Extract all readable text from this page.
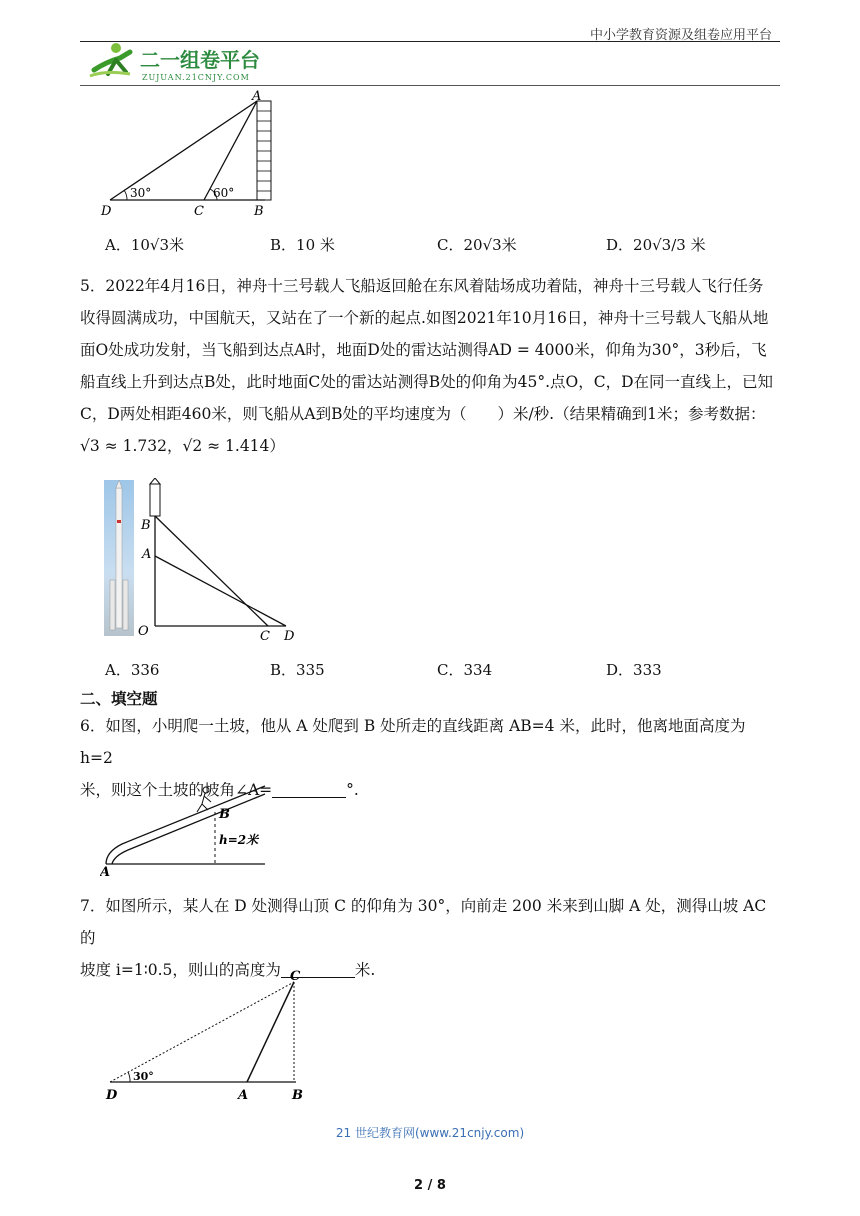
中小学教育资源及组卷应用平台
二一组卷平台
ZUJUAN.21CNJY.COM
A
B
C
D
30°	60°
A．10√3米	B．10 米	C．20√3米	D．20√3/3 米
5．2022年4月16日，神舟十三号载人飞船返回舱在东风着陆场成功着陆，神舟十三号载人飞行任务
收得圆满成功，中国航天，又站在了一个新的起点.如图2021年10月16日，神舟十三号载人飞船从地
面O处成功发射，当飞船到达点A时，地面D处的雷达站测得AD = 4000米，仰角为30°，3秒后，飞
船直线上升到达点B处，此时地面C处的雷达站测得B处的仰角为45°.点O，C，D在同一直线上，已知
C，D两处相距460米，则飞船从A到B处的平均速度为（　　）米/秒.（结果精确到1米；参考数据：
√3 ≈ 1.732，√2 ≈ 1.414）
B
A
O	C D
A．336	B．335	C．334	D．333
二、填空题
6．如图，小明爬一土坡，他从 A 处爬到 B 处所走的直线距离 AB=4 米，此时，他离地面高度为 h=2
米，则这个土坡的坡角∠A=	°.
B
h=2米
A
7．如图所示，某人在 D 处测得山顶 C 的仰角为 30°，向前走 200 米来到山脚 A 处，测得山坡 AC 的
坡度 i=1∶0.5，则山的高度为	米.
C
D	A	B
30°
21 世纪教育网(www.21cnjy.com)
2 / 8
